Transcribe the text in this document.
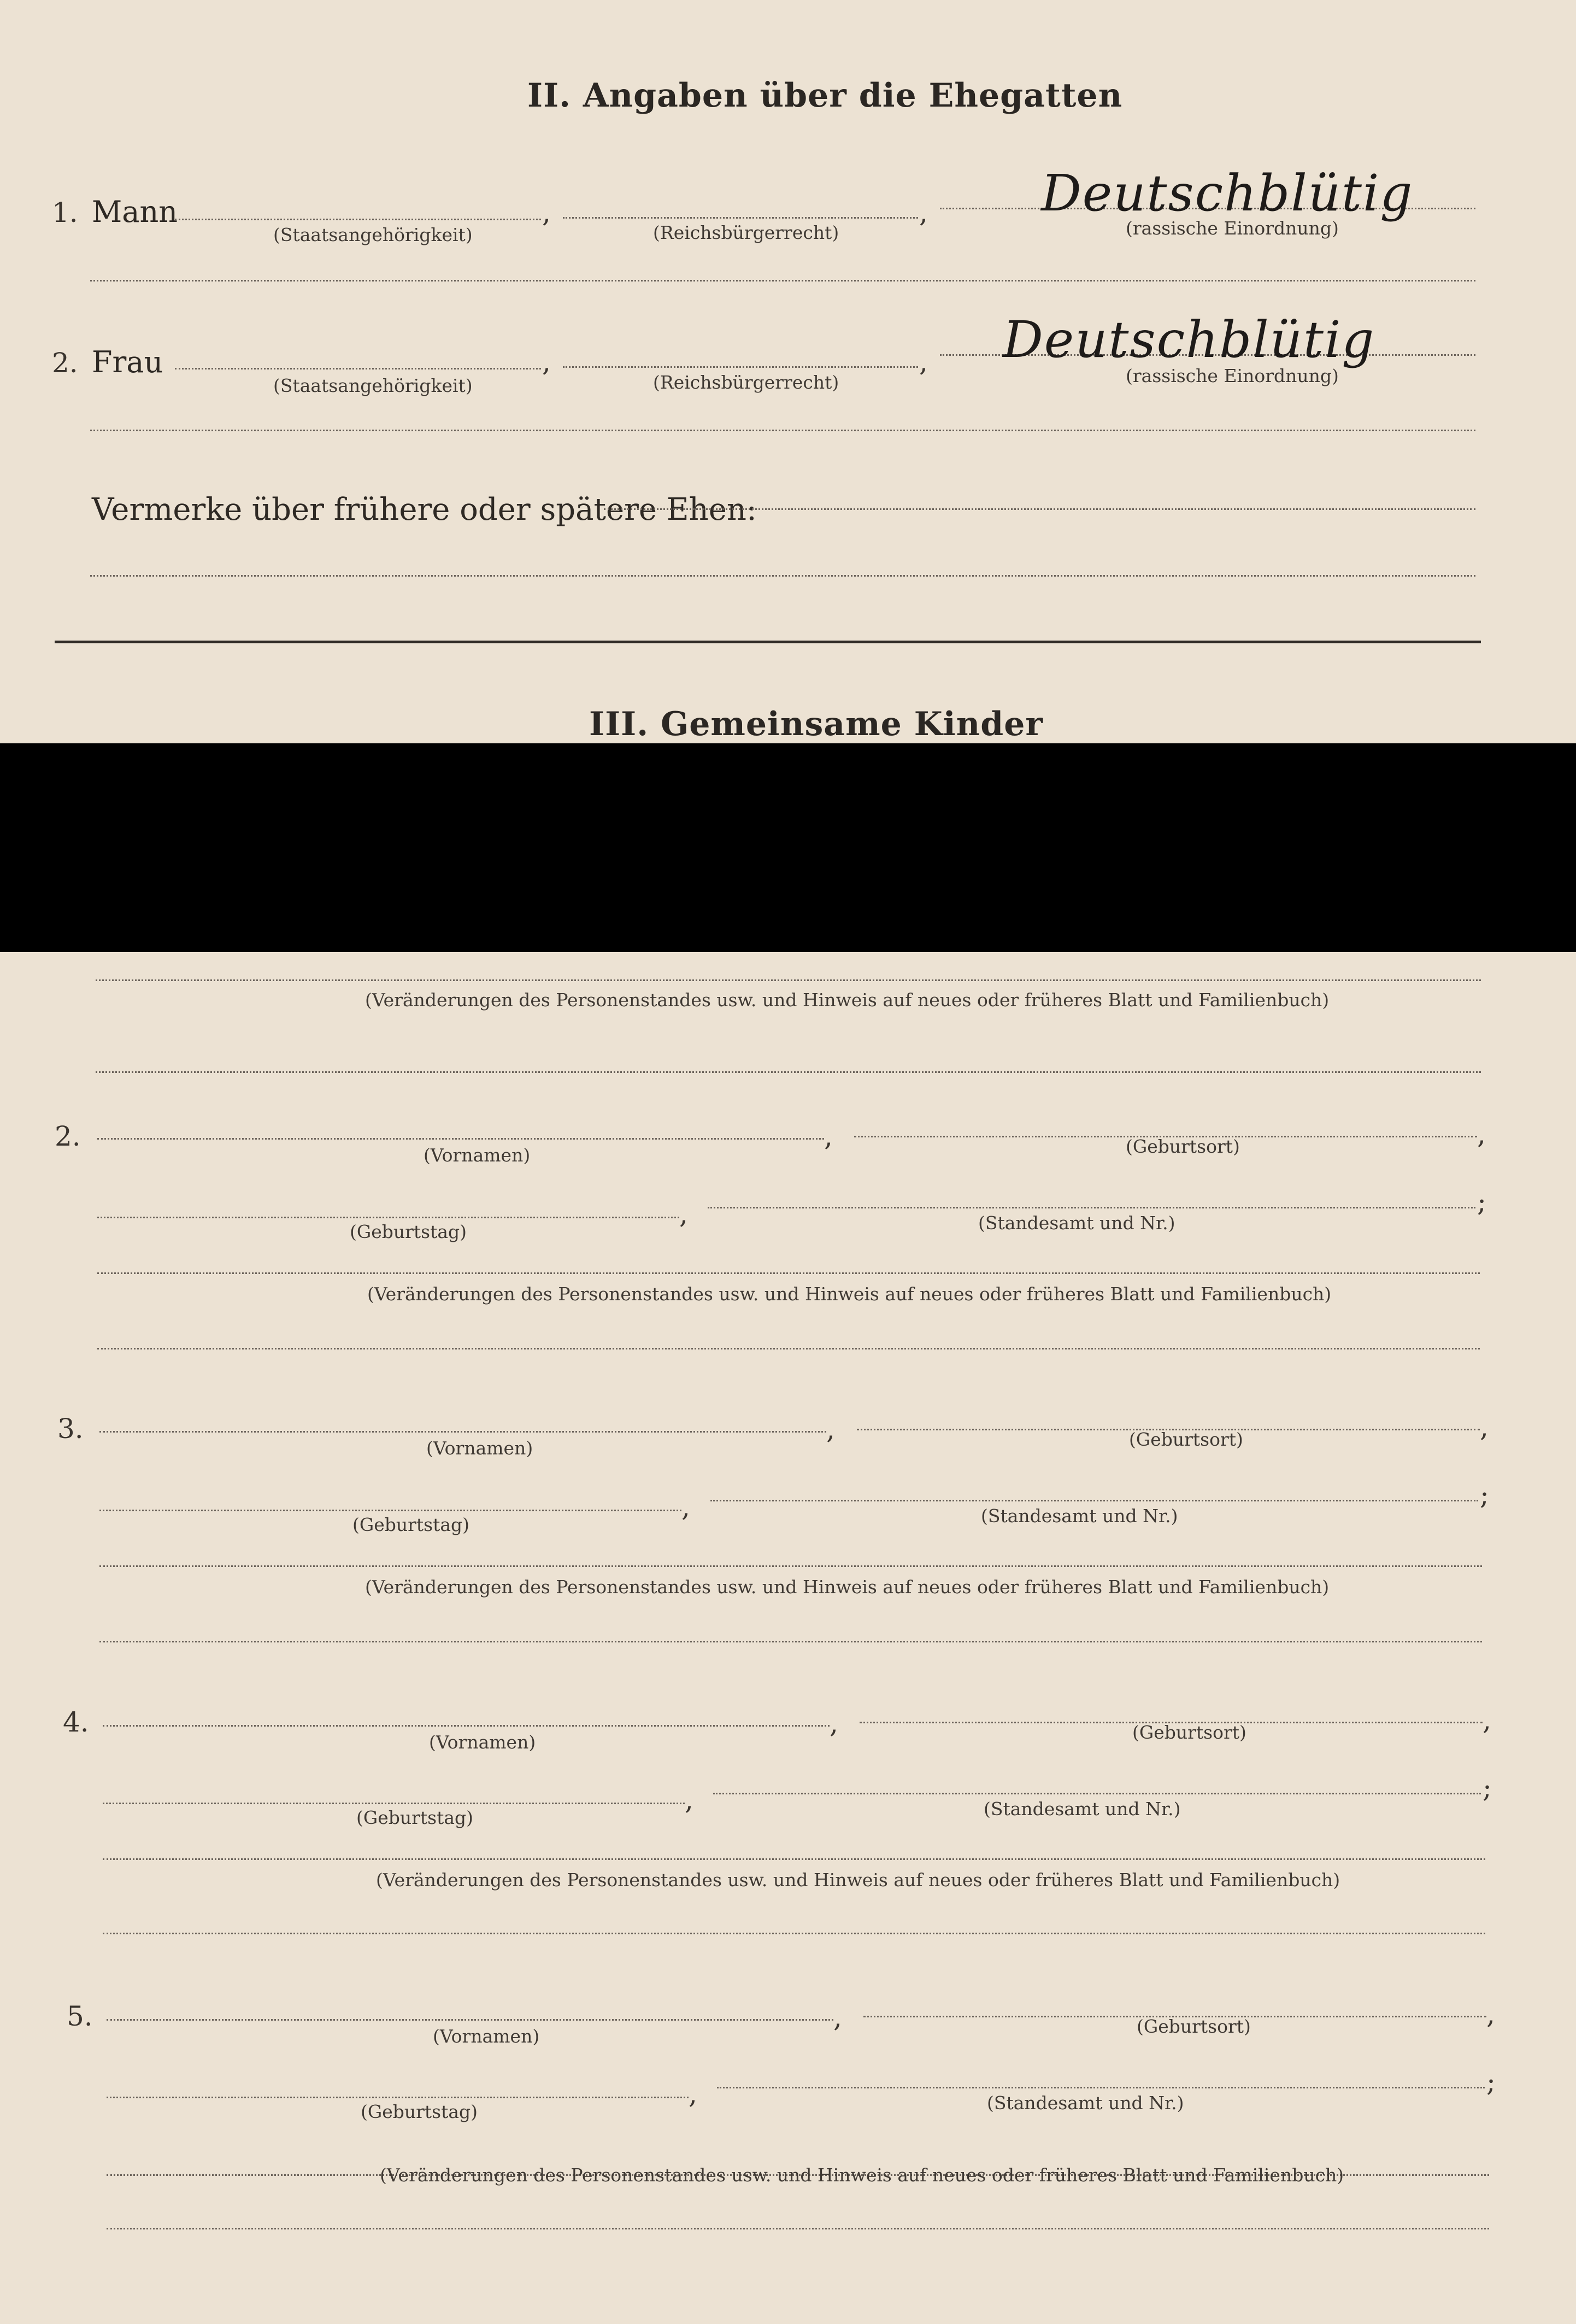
II. Angaben über die Ehegatten
1. Mann	,	,
(Staatsangehörigkeit)	(Reichsbürgerrecht)	(rassische Einordnung)
Deutschblütig
2. Frau	,	,
(Staatsangehörigkeit)	(Reichsbürgerrecht)	(rassische Einordnung)
Deutschblütig
Vermerke über frühere oder spätere Ehen:
III. Gemeinsame Kinder
(Veränderungen des Personenstandes usw. und Hinweis auf neues oder früheres Blatt und Familienbuch)
2.	,	,
(Vornamen)	(Geburtsort)
,	;
(Geburtstag)	(Standesamt und Nr.)
(Veränderungen des Personenstandes usw. und Hinweis auf neues oder früheres Blatt und Familienbuch)
3.	,	,
(Vornamen)	(Geburtsort)
,	;
(Geburtstag)	(Standesamt und Nr.)
(Veränderungen des Personenstandes usw. und Hinweis auf neues oder früheres Blatt und Familienbuch)
4.	,	,
(Vornamen)	(Geburtsort)
,	;
(Geburtstag)	(Standesamt und Nr.)
(Veränderungen des Personenstandes usw. und Hinweis auf neues oder früheres Blatt und Familienbuch)
5.	,	,
(Vornamen)	(Geburtsort)
,	;
(Geburtstag)	(Standesamt und Nr.)
(Veränderungen des Personenstandes usw. und Hinweis auf neues oder früheres Blatt und Familienbuch)
